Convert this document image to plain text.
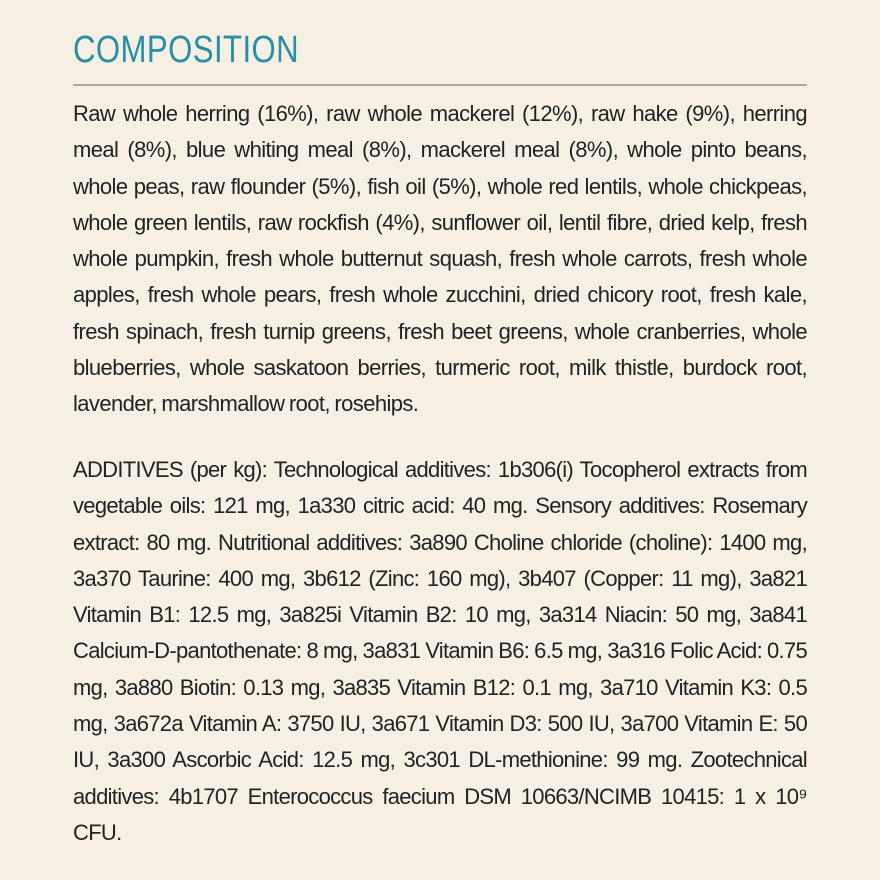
COMPOSITION

Raw whole herring (16%), raw whole mackerel (12%), raw hake (9%), herring meal (8%), blue whiting meal (8%), mackerel meal (8%), whole pinto beans, whole peas, raw flounder (5%), fish oil (5%), whole red lentils, whole chickpeas, whole green lentils, raw rockfish (4%), sunflower oil, lentil fibre, dried kelp, fresh whole pumpkin, fresh whole butternut squash, fresh whole carrots, fresh whole apples, fresh whole pears, fresh whole zucchini, dried chicory root, fresh kale, fresh spinach, fresh turnip greens, fresh beet greens, whole cranberries, whole blueberries, whole saskatoon berries, turmeric root, milk thistle, burdock root, lavender, marshmallow root, rosehips.

ADDITIVES (per kg): Technological additives: 1b306(i) Tocopherol extracts from vegetable oils: 121 mg, 1a330 citric acid: 40 mg. Sensory additives: Rosemary extract: 80 mg. Nutritional additives: 3a890 Choline chloride (choline): 1400 mg, 3a370 Taurine: 400 mg, 3b612 (Zinc: 160 mg), 3b407 (Copper: 11 mg), 3a821 Vitamin B1: 12.5 mg, 3a825i Vitamin B2: 10 mg, 3a314 Niacin: 50 mg, 3a841 Calcium-D-pantothenate: 8 mg, 3a831 Vitamin B6: 6.5 mg, 3a316 Folic Acid: 0.75 mg, 3a880 Biotin: 0.13 mg, 3a835 Vitamin B12: 0.1 mg, 3a710 Vitamin K3: 0.5 mg, 3a672a Vitamin A: 3750 IU, 3a671 Vitamin D3: 500 IU, 3a700 Vitamin E: 50 IU, 3a300 Ascorbic Acid: 12.5 mg, 3c301 DL-methionine: 99 mg. Zootechnical additives: 4b1707 Enterococcus faecium DSM 10663/NCIMB 10415: 1 x 10⁹ CFU.
